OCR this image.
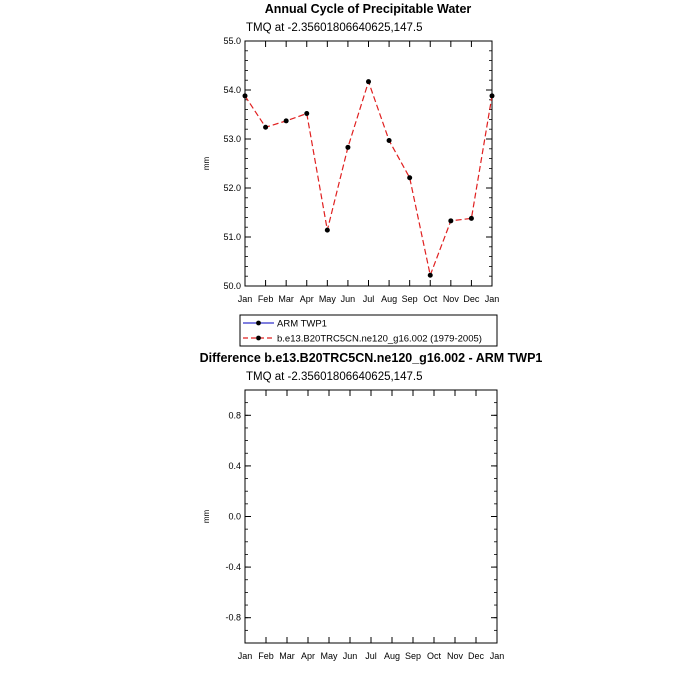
Annual Cycle of Precipitable Water
TMQ at -2.35601806640625,147.5
mm
50.0
51.0
52.0
53.0
54.0
55.0
Jan Feb Mar Apr May Jun Jul Aug Sep Oct Nov Dec Jan
ARM TWP1
b.e13.B20TRC5CN.ne120_g16.002 (1979-2005)
Difference b.e13.B20TRC5CN.ne120_g16.002 - ARM TWP1
TMQ at -2.35601806640625,147.5
mm
-0.8
-0.4
0.0
0.4
0.8
Jan Feb Mar Apr May Jun Jul Aug Sep Oct Nov Dec Jan
